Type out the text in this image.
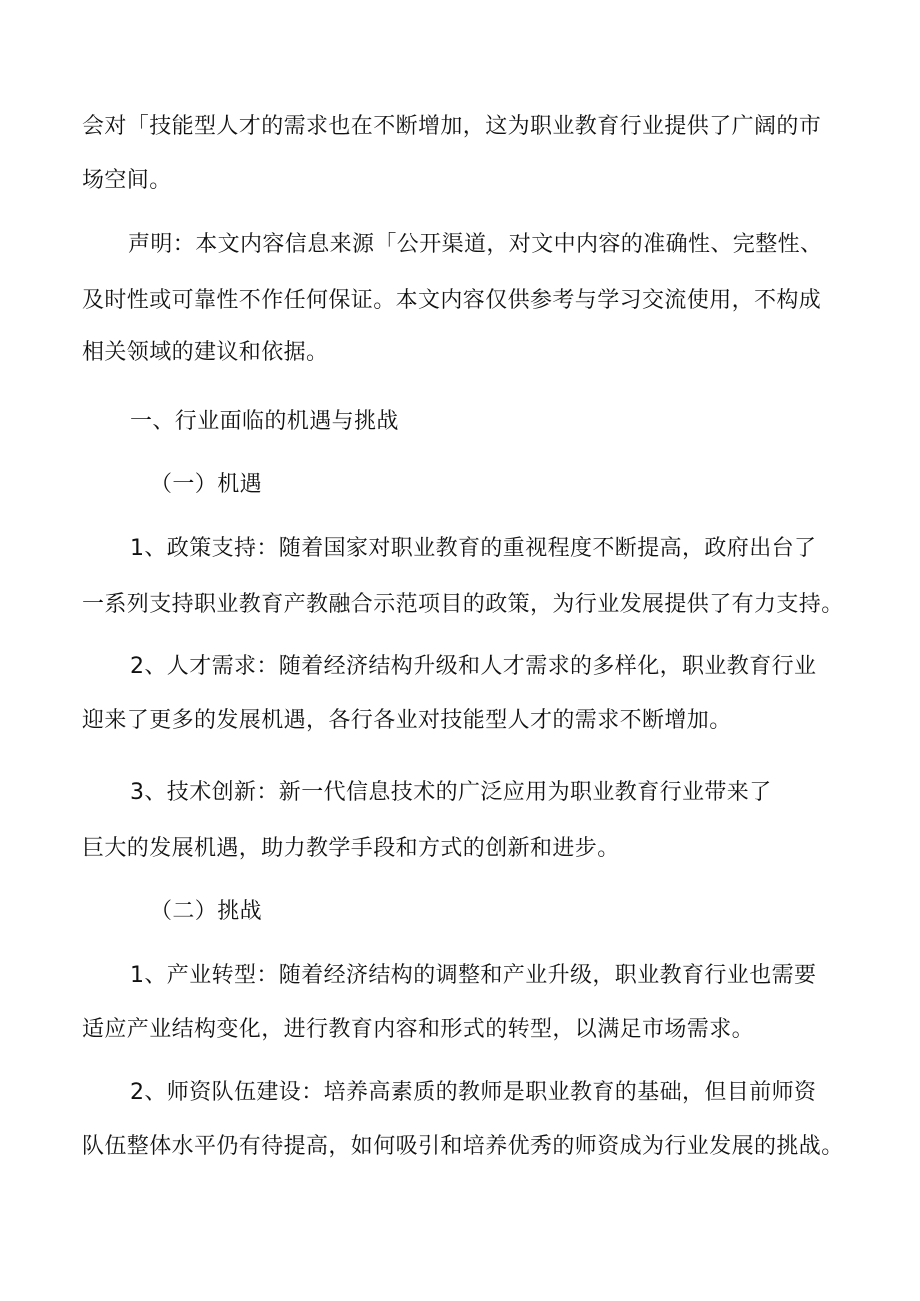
会对「技能型人才的需求也在不断增加，这为职业教育行业提供了广阔的市
场空间。
声明：本文内容信息来源「公开渠道，对文中内容的准确性、完整性、
及时性或可靠性不作任何保证。本文内容仅供参考与学习交流使用，不构成
相关领域的建议和依据。
一、行业面临的机遇与挑战
（一）机遇
1、政策支持：随着国家对职业教育的重视程度不断提高，政府出台了
一系列支持职业教育产教融合示范项目的政策，为行业发展提供了有力支持。
2、人才需求：随着经济结构升级和人才需求的多样化，职业教育行业
迎来了更多的发展机遇，各行各业对技能型人才的需求不断增加。
3、技术创新：新一代信息技术的广泛应用为职业教育行业带来了
巨大的发展机遇，助力教学手段和方式的创新和进步。
（二）挑战
1、产业转型：随着经济结构的调整和产业升级，职业教育行业也需要
适应产业结构变化，进行教育内容和形式的转型，以满足市场需求。
2、师资队伍建设：培养高素质的教师是职业教育的基础，但目前师资
队伍整体水平仍有待提高，如何吸引和培养优秀的师资成为行业发展的挑战。
